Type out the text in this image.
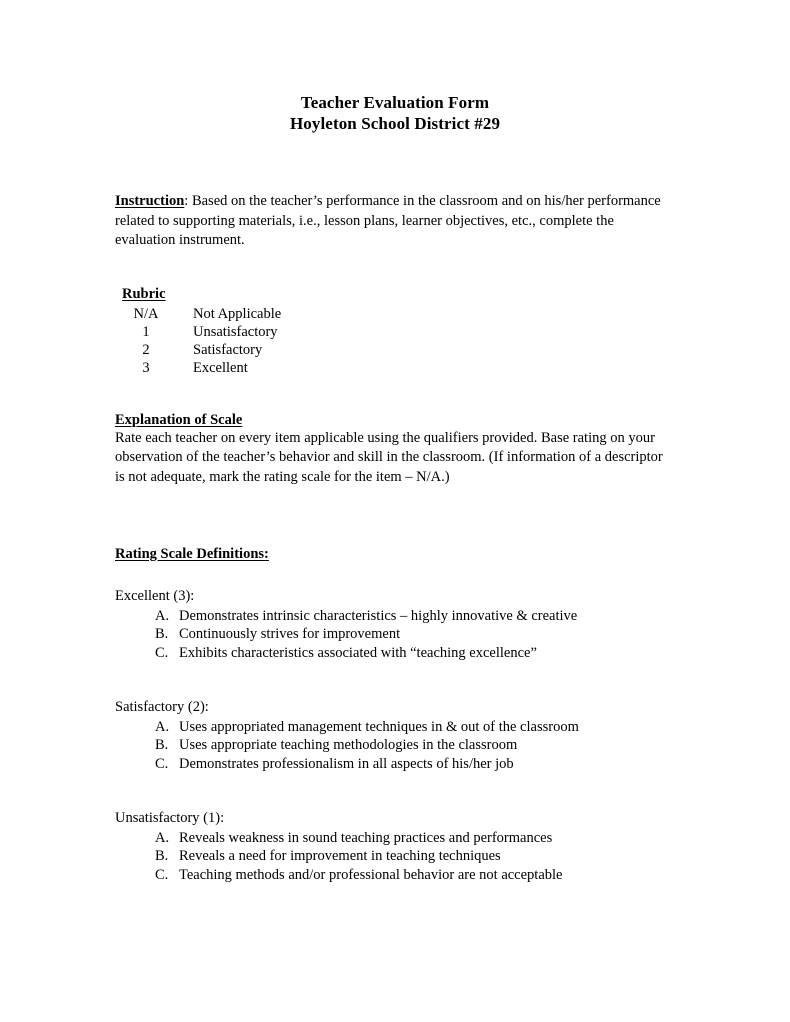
Teacher Evaluation Form
Hoyleton School District #29

Instruction: Based on the teacher’s performance in the classroom and on his/her performance related to supporting materials, i.e., lesson plans, learner objectives, etc., complete the evaluation instrument.

Rubric
N/A	Not Applicable
1	Unsatisfactory
2	Satisfactory
3	Excellent
Explanation of Scale

Rate each teacher on every item applicable using the qualifiers provided. Base rating on your observation of the teacher’s behavior and skill in the classroom. (If information of a descriptor is not adequate, mark the rating scale for the item – N/A.)

Rating Scale Definitions:
Excellent (3):
A. Demonstrates intrinsic characteristics – highly innovative & creative
B. Continuously strives for improvement
C. Exhibits characteristics associated with “teaching excellence”
Satisfactory (2):
A. Uses appropriated management techniques in & out of the classroom
B. Uses appropriate teaching methodologies in the classroom
C. Demonstrates professionalism in all aspects of his/her job
Unsatisfactory (1):
A. Reveals weakness in sound teaching practices and performances
B. Reveals a need for improvement in teaching techniques
C. Teaching methods and/or professional behavior are not acceptable
